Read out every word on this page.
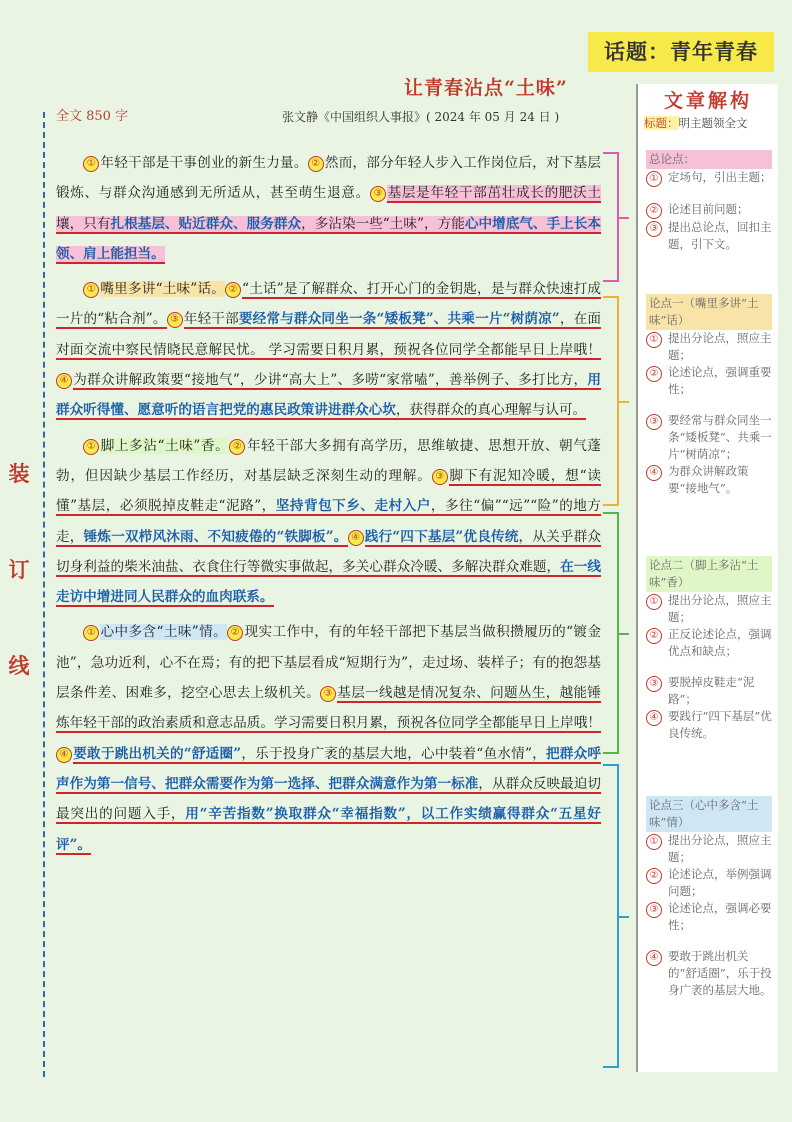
话题：青年青春
让青春沾点“土味”
全文 850 字	张文静《中国组织人事报》( 2024 年 05 月 24 日 )
装
订
线

① 年轻干部是干事创业的新生力量。 ② 然而，部分年轻人步入工作岗位后，对下基层锻炼、与群众沟通感到无所适从，甚至萌生退意。 ③ 基层是年轻干部茁壮成长的肥沃土壤，只有扎根基层、贴近群众、服务群众，多沾染一些“土味”，方能心中增底气、手上长本领、肩上能担当。

① 嘴里多讲“土味”话。 ② “土话”是了解群众、打开心门的金钥匙，是与群众快速打成一片的“粘合剂”。 ③ 年轻干部要经常与群众同坐一条“矮板凳”、共乘一片“树荫凉”，在面对面交流中察民情晓民意解民忧。 学习需要日积月累，预祝各位同学全都能早日上岸哦！④ 为群众讲解政策要“接地气”，少讲“高大上”、多唠“家常嗑”，善举例子、多打比方，用群众听得懂、愿意听的语言把党的惠民政策讲进群众心坎，获得群众的真心理解与认可。

① 脚上多沾“土味”香。 ② 年轻干部大多拥有高学历，思维敏捷、思想开放、朝气蓬勃，但因缺少基层工作经历，对基层缺乏深刻生动的理解。 ③ 脚下有泥知冷暖，想“读懂”基层，必须脱掉皮鞋走“泥路”，坚持背包下乡、走村入户，多往“偏”“远”“险”的地方走，锤炼一双栉风沐雨、不知疲倦的“铁脚板”。 ④ 践行“四下基层”优良传统，从关乎群众切身利益的柴米油盐、衣食住行等微实事做起，多关心群众冷暖、多解决群众难题，在一线走访中增进同人民群众的血肉联系。

① 心中多含“土味”情。 ② 现实工作中，有的年轻干部把下基层当做积攒履历的“镀金池”，急功近利，心不在焉；有的把下基层看成“短期行为”，走过场、装样子；有的抱怨基层条件差、困难多，挖空心思去上级机关。 ③ 基层一线越是情况复杂、问题丛生，越能锤炼年轻干部的政治素质和意志品质。学习需要日积月累，预祝各位同学全都能早日上岸哦！④ 要敢于跳出机关的“舒适圈”，乐于投身广袤的基层大地，心中装着“鱼水情”，把群众呼声作为第一信号、把群众需要作为第一选择、把群众满意作为第一标准，从群众反映最迫切最突出的问题入手，用“辛苦指数”换取群众“幸福指数”，以工作实绩赢得群众“五星好评”。

文章解构
标题：明主题领全文
总论点：
① 定场句，引出主题；
② 论述目前问题；
③ 提出总论点，回扣主题，引下文。
论点一（嘴里多讲“土味”话）
① 提出分论点，照应主题；
② 论述论点，强调重要性；
③ 要经常与群众同坐一条“矮板凳”、共乘一片“树荫凉”；
④ 为群众讲解政策要“接地气”。
论点二（脚上多沾“土味”香）
① 提出分论点，照应主题；
② 正反论述论点，强调优点和缺点；
③ 要脱掉皮鞋走“泥路”；
④ 要践行“四下基层”优良传统。
论点三（心中多含“土味”情）
① 提出分论点，照应主题；
② 论述论点，举例强调问题；
③ 论述论点，强调必要性；
④ 要敢于跳出机关的“舒适圈”，乐于投身广袤的基层大地。
